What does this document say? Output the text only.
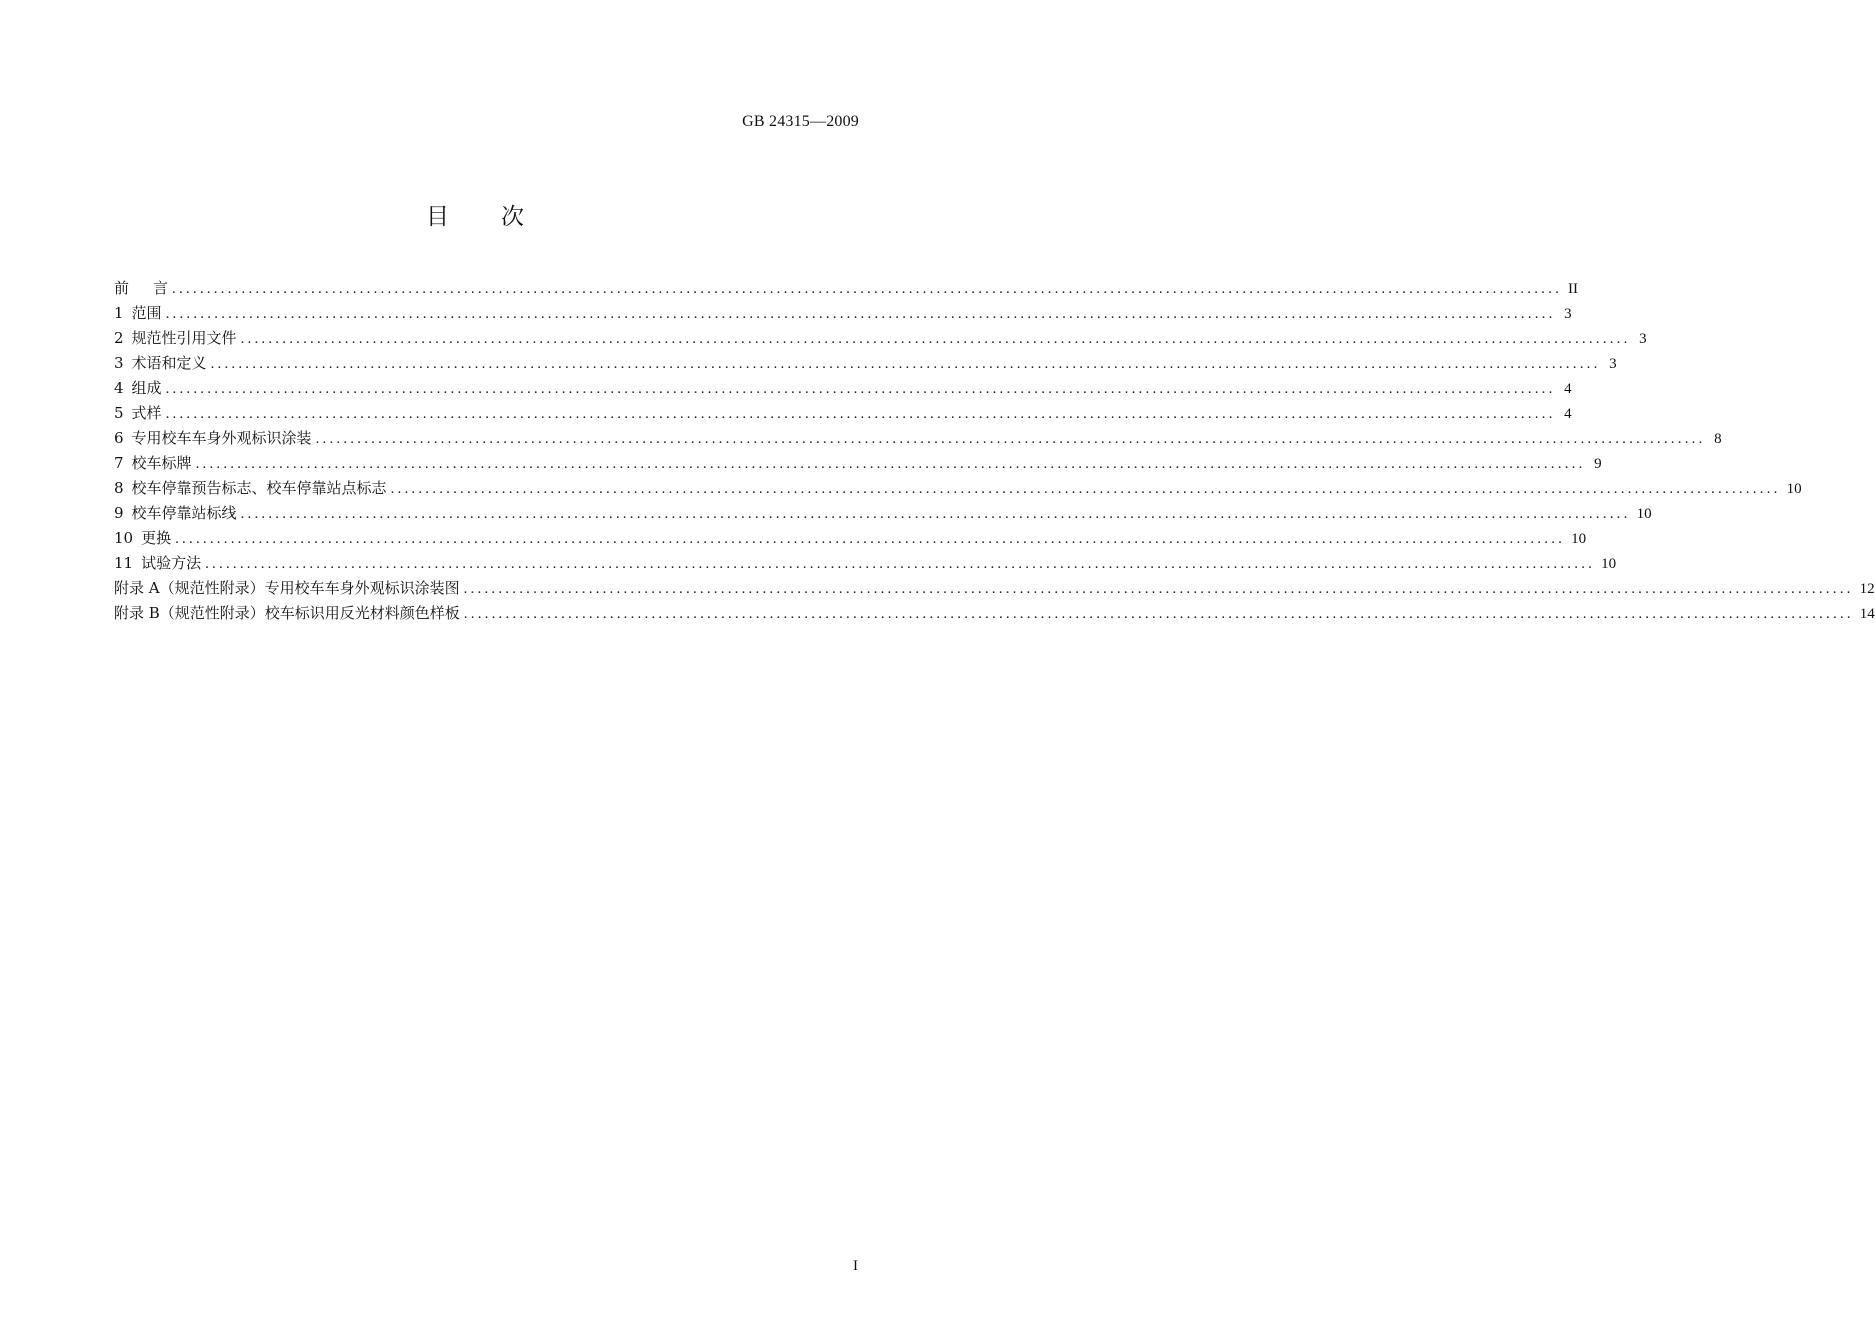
GB 24315—2009
目 次
前 言 ........................................................................................................................................................................................................ II
1 范围 ........................................................................................................................................................................................................ 3
2 规范性引用文件 ........................................................................................................................................................................................................ 3
3 术语和定义 ........................................................................................................................................................................................................ 3
4 组成 ........................................................................................................................................................................................................ 4
5 式样 ........................................................................................................................................................................................................ 4
6 专用校车车身外观标识涂装 ........................................................................................................................................................................................................ 8
7 校车标牌 ........................................................................................................................................................................................................ 9
8 校车停靠预告标志、校车停靠站点标志 ........................................................................................................................................................................................................ 10
9 校车停靠站标线 ........................................................................................................................................................................................................ 10
10 更换 ........................................................................................................................................................................................................ 10
11 试验方法 ........................................................................................................................................................................................................ 10
附录 A（规范性附录）专用校车车身外观标识涂装图 ........................................................................................................................................................................................................ 12
附录 B（规范性附录）校车标识用反光材料颜色样板 ........................................................................................................................................................................................................ 14
I
